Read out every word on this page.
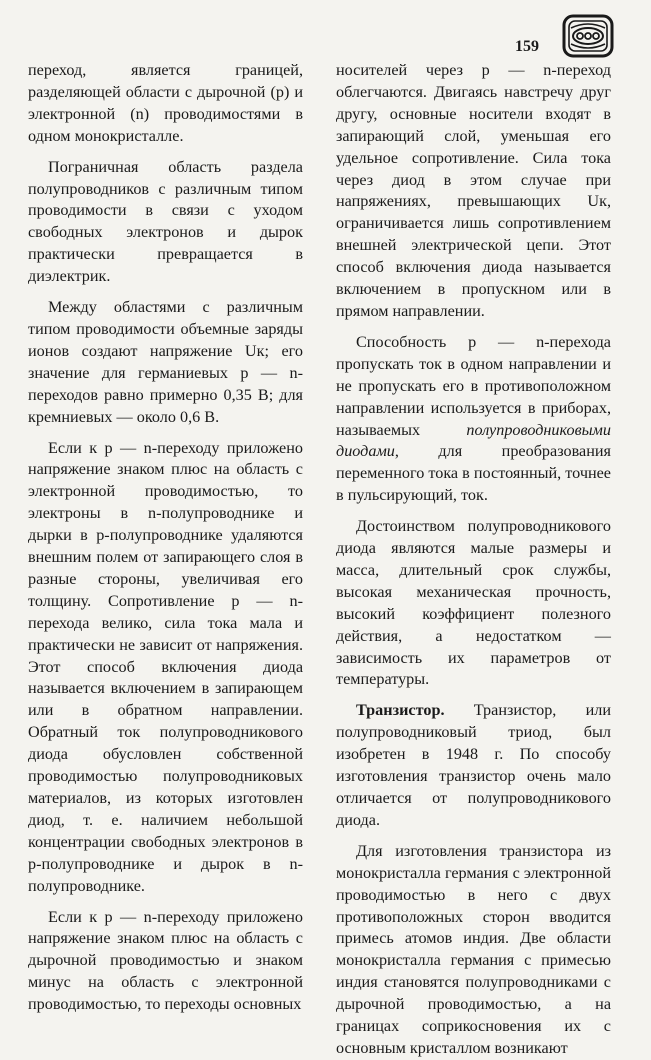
159

переход, является границей, разделяющей области с дырочной (р) и электронной (n) проводимостями в одном монокристалле.

Пограничная область раздела полупроводников с различным типом проводимости в связи с уходом свободных электронов и дырок практически превращается в диэлектрик.

Между областями с различным типом проводимости объемные заряды ионов создают напряжение Uк; его значение для германиевых р — n-переходов равно примерно 0,35 В; для кремниевых — около 0,6 В.

Если к р — n-переходу приложено напряжение знаком плюс на область с электронной проводимостью, то электроны в n-полупроводнике и дырки в р-полупроводнике удаляются внешним полем от запирающего слоя в разные стороны, увеличивая его толщину. Сопротивление р — n-перехода велико, сила тока мала и практически не зависит от напряжения. Этот способ включения диода называется включением в запирающем или в обратном направлении. Обратный ток полупроводникового диода обусловлен собственной проводимостью полупроводниковых материалов, из которых изготовлен диод, т. е. наличием небольшой концентрации свободных электронов в р-полупроводнике и дырок в n-полупроводнике.

Если к р — n-переходу приложено напряжение знаком плюс на область с дырочной проводимостью и знаком минус на область с электронной проводимостью, то переходы основных

носителей через р — n-переход облегчаются. Двигаясь навстречу друг другу, основные носители входят в запирающий слой, уменьшая его удельное сопротивление. Сила тока через диод в этом случае при напряжениях, превышающих Uк, ограничивается лишь сопротивлением внешней электрической цепи. Этот способ включения диода называется включением в пропускном или в прямом направлении.

Способность р — n-перехода пропускать ток в одном направлении и не пропускать его в противоположном направлении используется в приборах, называемых полупроводниковыми диодами, для преобразования переменного тока в постоянный, точнее в пульсирующий, ток.

Достоинством полупроводникового диода являются малые размеры и масса, длительный срок службы, высокая механическая прочность, высокий коэффициент полезного действия, а недостатком — зависимость их параметров от температуры.

Транзистор. Транзистор, или полупроводниковый триод, был изобретен в 1948 г. По способу изготовления транзистор очень мало отличается от полупроводникового диода.

Для изготовления транзистора из монокристалла германия с электронной проводимостью в него с двух противоположных сторон вводится примесь атомов индия. Две области монокристалла германия с примесью индия становятся полупроводниками с дырочной проводимостью, а на границах соприкосновения их с основным кристаллом возникают
